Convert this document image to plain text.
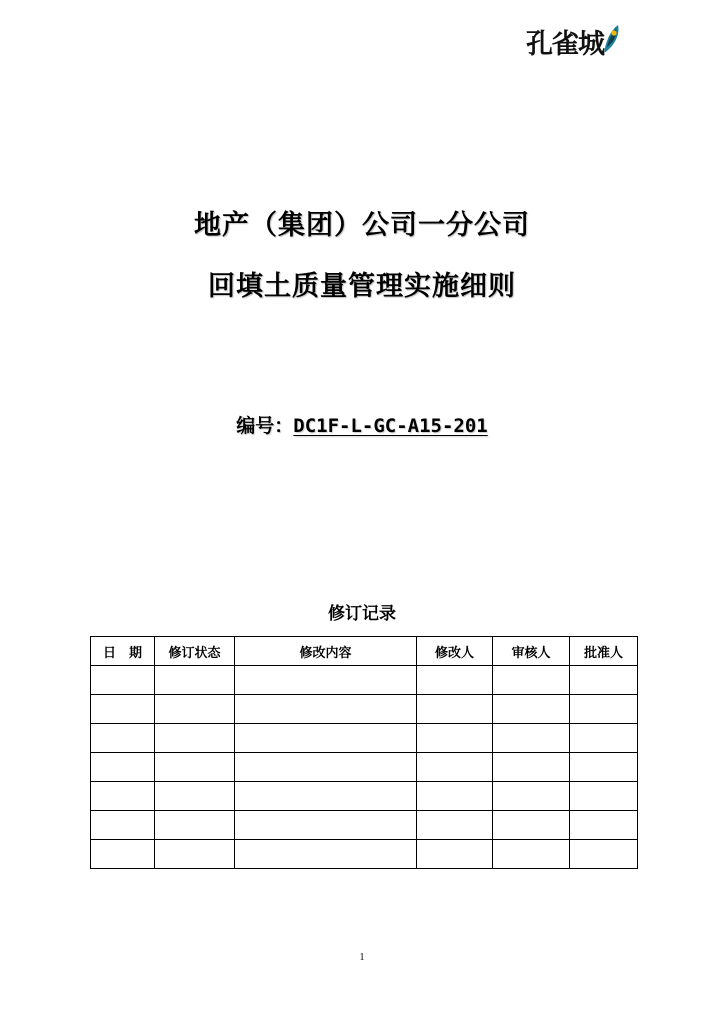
孔雀城
地产（集团）公司一分公司
回填土质量管理实施细则
编号：DC1F-L-GC-A15-201
修订记录
日　期	修订状态	修改内容	修改人	审核人	批准人

1
